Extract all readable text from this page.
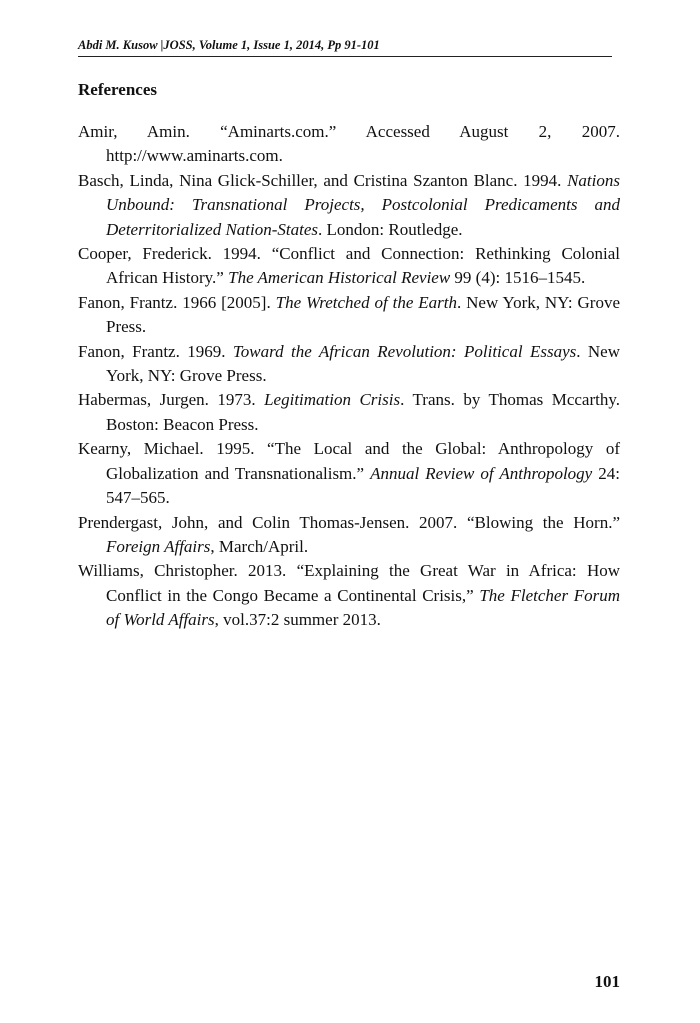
Abdi M. Kusow |JOSS, Volume 1, Issue 1, 2014, Pp 91-101
References

Amir, Amin. “Aminarts.com.” Accessed August 2, 2007. http://www.aminarts.com.

Basch, Linda, Nina Glick-Schiller, and Cristina Szanton Blanc. 1994. Nations Unbound: Transnational Projects, Postcolonial Predicaments and Deterritorialized Nation-States. London: Routledge.

Cooper, Frederick. 1994. “Conflict and Connection: Rethinking Colonial African History.” The American Historical Review 99 (4): 1516–1545.

Fanon, Frantz. 1966 [2005]. The Wretched of the Earth. New York, NY: Grove Press.

Fanon, Frantz. 1969. Toward the African Revolution: Political Essays. New York, NY: Grove Press.

Habermas, Jurgen. 1973. Legitimation Crisis. Trans. by Thomas Mccarthy. Boston: Beacon Press.

Kearny, Michael. 1995. “The Local and the Global: Anthropology of Globalization and Transnationalism.” Annual Review of Anthropology 24: 547–565.

Prendergast, John, and Colin Thomas-Jensen. 2007. “Blowing the Horn.” Foreign Affairs, March/April.

Williams, Christopher. 2013. “Explaining the Great War in Africa: How Conflict in the Congo Became a Continental Crisis,” The Fletcher Forum of World Affairs, vol.37:2 summer 2013.

101
